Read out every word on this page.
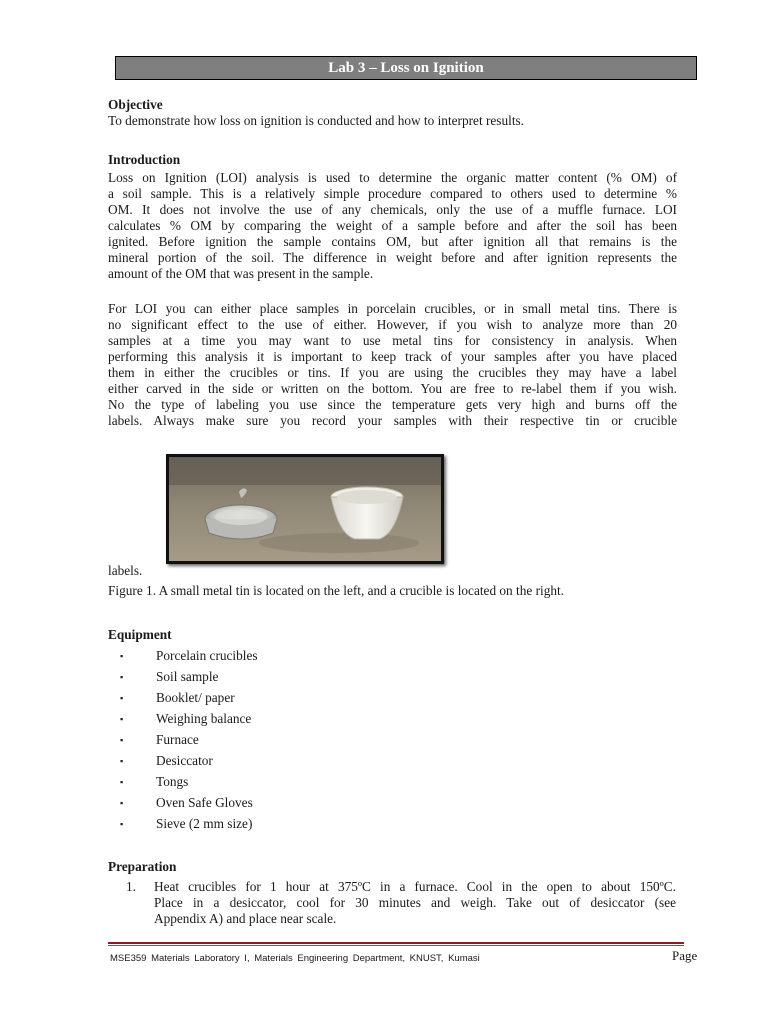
Lab 3 – Loss on Ignition
Objective

To demonstrate how loss on ignition is conducted and how to interpret results.

Introduction

Loss on Ignition (LOI) analysis is used to determine the organic matter content (% OM) of

a soil sample. This is a relatively simple procedure compared to others used to determine %

OM. It does not involve the use of any chemicals, only the use of a muffle furnace. LOI

calculates % OM by comparing the weight of a sample before and after the soil has been

ignited. Before ignition the sample contains OM, but after ignition all that remains is the

mineral portion of the soil. The difference in weight before and after ignition represents the

amount of the OM that was present in the sample.

For LOI you can either place samples in porcelain crucibles, or in small metal tins. There is

no significant effect to the use of either. However, if you wish to analyze more than 20

samples at a time you may want to use metal tins for consistency in analysis. When

performing this analysis it is important to keep track of your samples after you have placed

them in either the crucibles or tins. If you are using the crucibles they may have a label

either carved in the side or written on the bottom. You are free to re-label them if you wish.

No the type of labeling you use since the temperature gets very high and burns off the

labels. Always make sure you record your samples with their respective tin or crucible

labels.

Figure 1. A small metal tin is located on the left, and a crucible is located on the right.

Equipment
▪	Porcelain crucibles
▪	Soil sample
▪	Booklet/ paper
▪	Weighing balance
▪	Furnace
▪	Desiccator
▪	Tongs
▪	Oven Safe Gloves
▪	Sieve (2 mm size)
Preparation
1.	Heat crucibles for 1 hour at 375ºC in a furnace. Cool in the open to about 150ºC.

Place in a desiccator, cool for 30 minutes and weigh. Take out of desiccator (see

Appendix A) and place near scale.

MSE359 Materials Laboratory I, Materials Engineering Department, KNUST, Kumasi	Page
